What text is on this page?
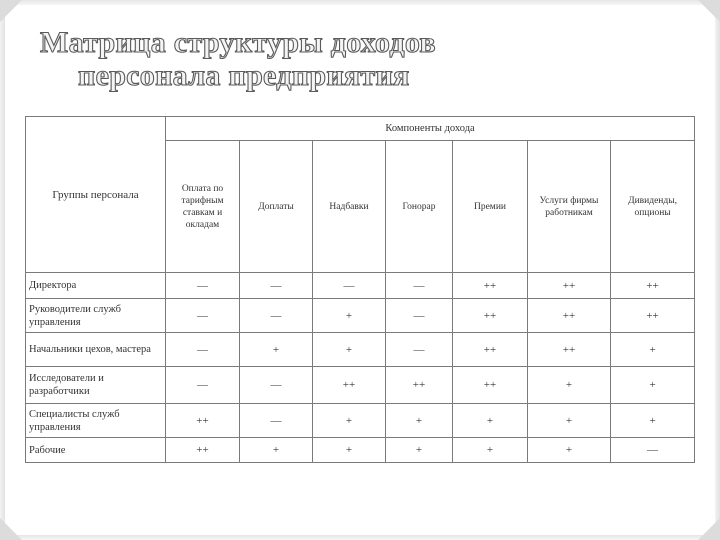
Матрица структуры доходов
персонала предприятия
Группы персонала	Компоненты дохода						
	Оплата по тарифным ставкам и окладам	Доплаты	Надбавки	Гонорар	Премии	Услуги фирмы работникам	Дивиденды, опционы
Директора	—	—	—	—	++	++	++
Руководители служб управления	—	—	+	—	++	++	++
Начальники цехов, мастера	—	+	+	—	++	++	+
Исследователи и разработчики	—	—	++	++	++	+	+
Специалисты служб управления	++	—	+	+	+	+	+
Рабочие	++	+	+	+	+	+	—
